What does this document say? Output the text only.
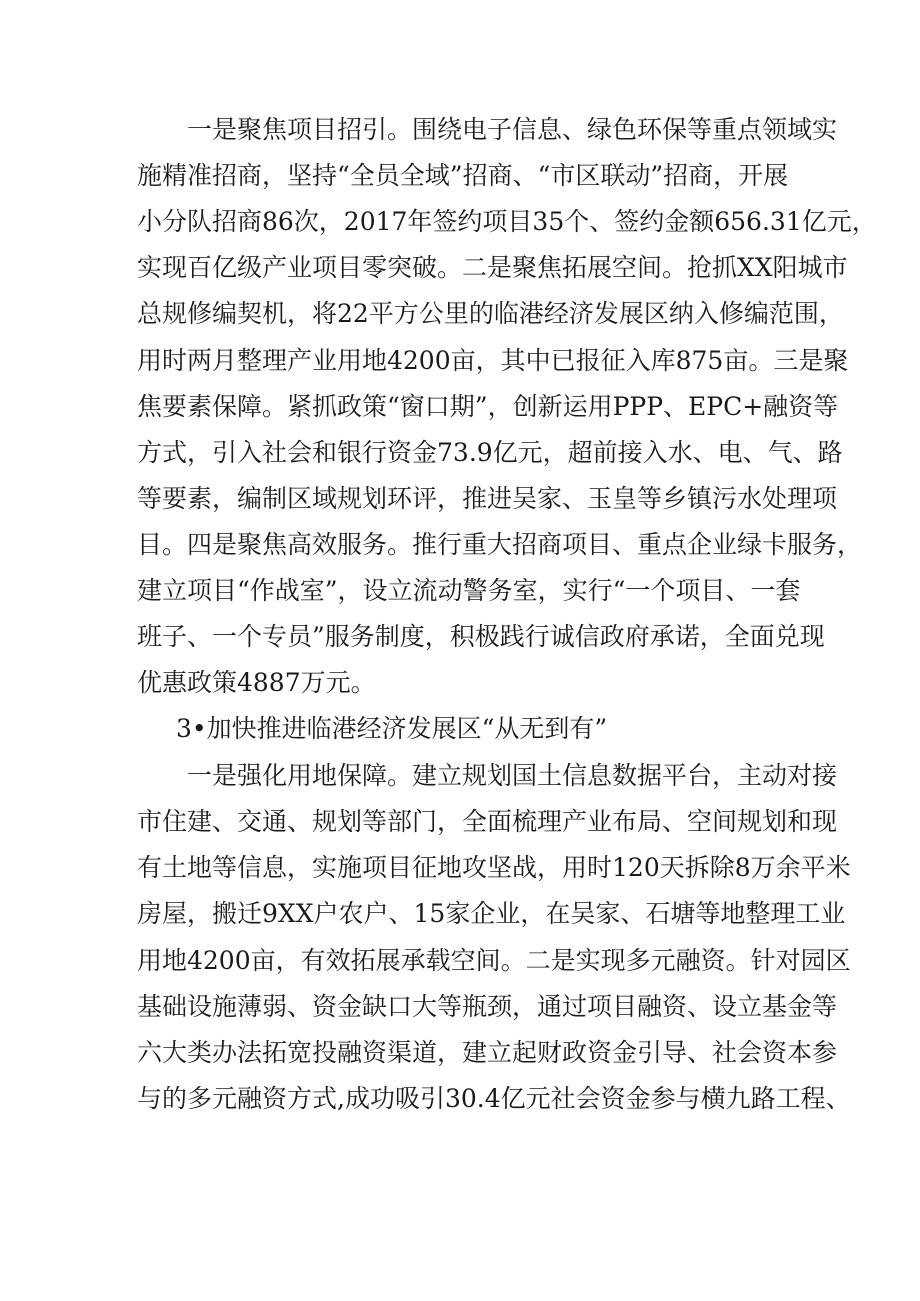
一是聚焦项目招引。围绕电子信息、绿色环保等重点领域实
施精准招商，坚持“全员全域”招商、“市区联动”招商，开展
小分队招商86次，2017年签约项目35个、签约金额656.31亿元，
实现百亿级产业项目零突破。二是聚焦拓展空间。抢抓XX阳城市
总规修编契机，将22平方公里的临港经济发展区纳入修编范围，
用时两月整理产业用地4200亩，其中已报征入库875亩。三是聚
焦要素保障。紧抓政策“窗口期”，创新运用PPP、EPC+融资等
方式，引入社会和银行资金73.9亿元，超前接入水、电、气、路
等要素，编制区域规划环评，推进吴家、玉皇等乡镇污水处理项
目。四是聚焦高效服务。推行重大招商项目、重点企业绿卡服务，
建立项目“作战室”，设立流动警务室，实行“一个项目、一套
班子、一个专员”服务制度，积极践行诚信政府承诺，全面兑现
优惠政策4887万元。
3•加快推进临港经济发展区“从无到有”
一是强化用地保障。建立规划国土信息数据平台，主动对接
市住建、交通、规划等部门，全面梳理产业布局、空间规划和现
有土地等信息，实施项目征地攻坚战，用时120天拆除8万余平米
房屋，搬迁9XX户农户、15家企业，在吴家、石塘等地整理工业
用地4200亩，有效拓展承载空间。二是实现多元融资。针对园区
基础设施薄弱、资金缺口大等瓶颈，通过项目融资、设立基金等
六大类办法拓宽投融资渠道，建立起财政资金引导、社会资本参
与的多元融资方式,成功吸引30.4亿元社会资金参与横九路工程、
